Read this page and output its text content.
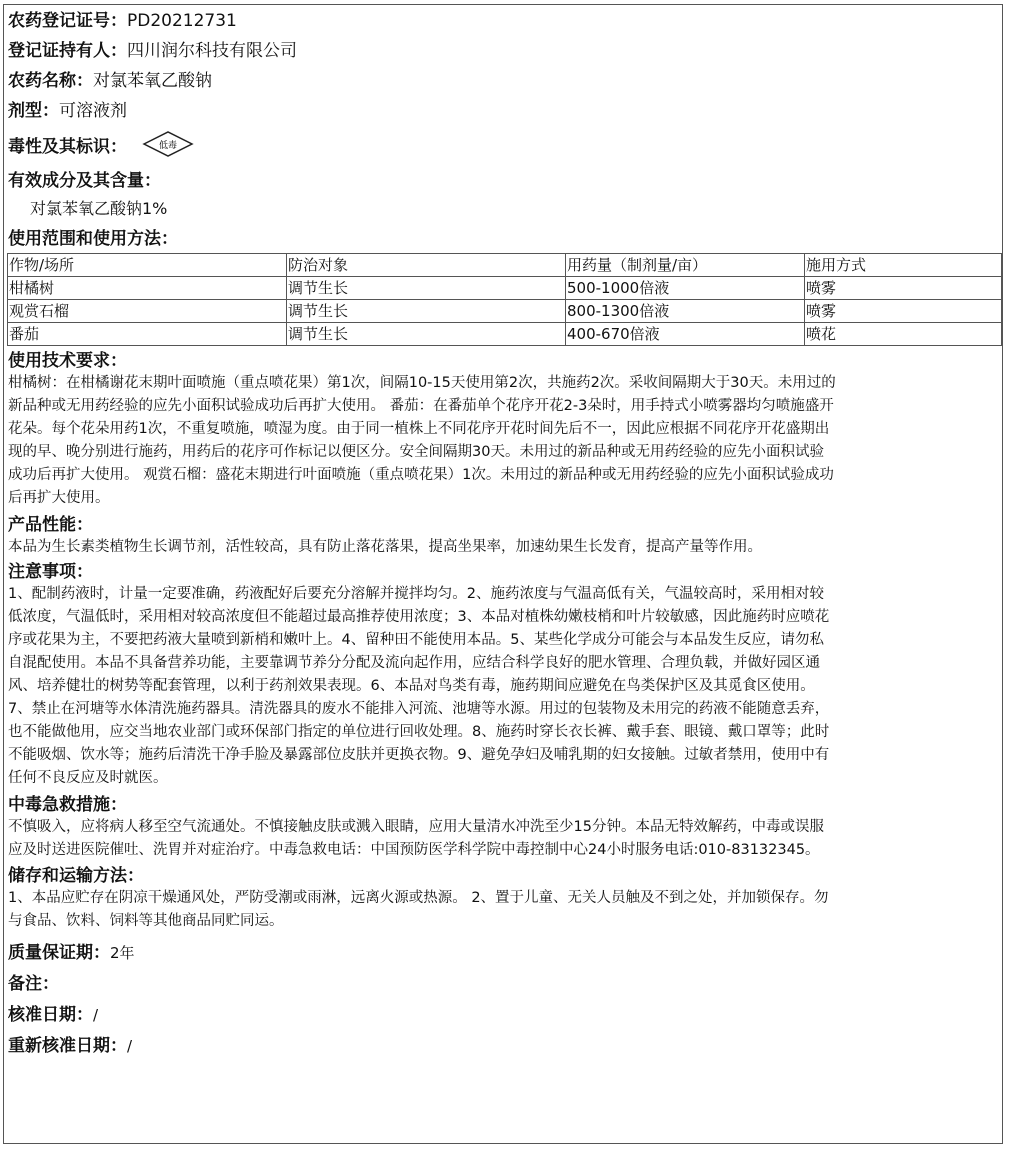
农药登记证号：PD20212731
登记证持有人：四川润尔科技有限公司
农药名称：对氯苯氧乙酸钠
剂型：可溶液剂
毒性及其标识：	低毒
有效成分及其含量：
对氯苯氧乙酸钠1%
使用范围和使用方法：
作物/场所	防治对象	用药量（制剂量/亩）	施用方式
柑橘树	调节生长	500-1000倍液	喷雾
观赏石榴	调节生长	800-1300倍液	喷雾
番茄	调节生长	400-670倍液	喷花
使用技术要求：

柑橘树：在柑橘谢花末期叶面喷施（重点喷花果）第1次，间隔10-15天使用第2次，共施药2次。采收间隔期大于30天。未用过的

新品种或无用药经验的应先小面积试验成功后再扩大使用。 番茄：在番茄单个花序开花2-3朵时，用手持式小喷雾器均匀喷施盛开

花朵。每个花朵用药1次，不重复喷施，喷湿为度。由于同一植株上不同花序开花时间先后不一，因此应根据不同花序开花盛期出

现的早、晚分别进行施药，用药后的花序可作标记以便区分。安全间隔期30天。未用过的新品种或无用药经验的应先小面积试验

成功后再扩大使用。 观赏石榴：盛花末期进行叶面喷施（重点喷花果）1次。未用过的新品种或无用药经验的应先小面积试验成功

后再扩大使用。

产品性能：

本品为生长素类植物生长调节剂，活性较高，具有防止落花落果，提高坐果率，加速幼果生长发育，提高产量等作用。

注意事项：

1、配制药液时，计量一定要准确，药液配好后要充分溶解并搅拌均匀。2、施药浓度与气温高低有关，气温较高时，采用相对较

低浓度，气温低时，采用相对较高浓度但不能超过最高推荐使用浓度；3、本品对植株幼嫩枝梢和叶片较敏感，因此施药时应喷花

序或花果为主，不要把药液大量喷到新梢和嫩叶上。4、留种田不能使用本品。5、某些化学成分可能会与本品发生反应，请勿私

自混配使用。本品不具备营养功能，主要靠调节养分分配及流向起作用，应结合科学良好的肥水管理、合理负载，并做好园区通

风、培养健壮的树势等配套管理，以利于药剂效果表现。6、本品对鸟类有毒，施药期间应避免在鸟类保护区及其觅食区使用。

7、禁止在河塘等水体清洗施药器具。清洗器具的废水不能排入河流、池塘等水源。用过的包装物及未用完的药液不能随意丢弃，

也不能做他用，应交当地农业部门或环保部门指定的单位进行回收处理。8、施药时穿长衣长裤、戴手套、眼镜、戴口罩等；此时

不能吸烟、饮水等；施药后清洗干净手脸及暴露部位皮肤并更换衣物。9、避免孕妇及哺乳期的妇女接触。过敏者禁用，使用中有

任何不良反应及时就医。

中毒急救措施：

不慎吸入，应将病人移至空气流通处。不慎接触皮肤或溅入眼睛，应用大量清水冲洗至少15分钟。本品无特效解药，中毒或误服

应及时送进医院催吐、洗胃并对症治疗。中毒急救电话：中国预防医学科学院中毒控制中心24小时服务电话:010-83132345。

储存和运输方法：

1、本品应贮存在阴凉干燥通风处，严防受潮或雨淋，远离火源或热源。 2、置于儿童、无关人员触及不到之处，并加锁保存。勿

与食品、饮料、饲料等其他商品同贮同运。

质量保证期：2年
备注：
核准日期：/
重新核准日期：/
